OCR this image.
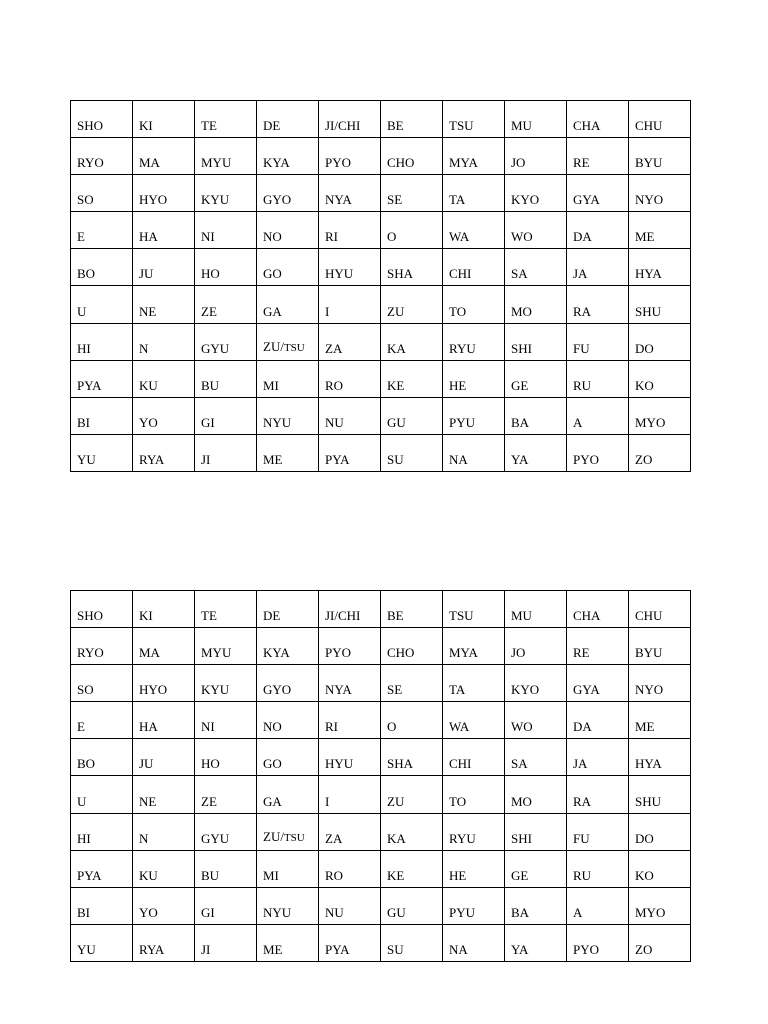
SHO	KI	TE	DE	JI/CHI	BE	TSU	MU	CHA	CHU
RYO	MA	MYU	KYA	PYO	CHO	MYA	JO	RE	BYU
SO	HYO	KYU	GYO	NYA	SE	TA	KYO	GYA	NYO
E	HA	NI	NO	RI	O	WA	WO	DA	ME
BO	JU	HO	GO	HYU	SHA	CHI	SA	JA	HYA
U	NE	ZE	GA	I	ZU	TO	MO	RA	SHU
HI	N	GYU	ZU/TSU	ZA	KA	RYU	SHI	FU	DO
PYA	KU	BU	MI	RO	KE	HE	GE	RU	KO
BI	YO	GI	NYU	NU	GU	PYU	BA	A	MYO
YU	RYA	JI	ME	PYA	SU	NA	YA	PYO	ZO
SHO	KI	TE	DE	JI/CHI	BE	TSU	MU	CHA	CHU
RYO	MA	MYU	KYA	PYO	CHO	MYA	JO	RE	BYU
SO	HYO	KYU	GYO	NYA	SE	TA	KYO	GYA	NYO
E	HA	NI	NO	RI	O	WA	WO	DA	ME
BO	JU	HO	GO	HYU	SHA	CHI	SA	JA	HYA
U	NE	ZE	GA	I	ZU	TO	MO	RA	SHU
HI	N	GYU	ZU/TSU	ZA	KA	RYU	SHI	FU	DO
PYA	KU	BU	MI	RO	KE	HE	GE	RU	KO
BI	YO	GI	NYU	NU	GU	PYU	BA	A	MYO
YU	RYA	JI	ME	PYA	SU	NA	YA	PYO	ZO
